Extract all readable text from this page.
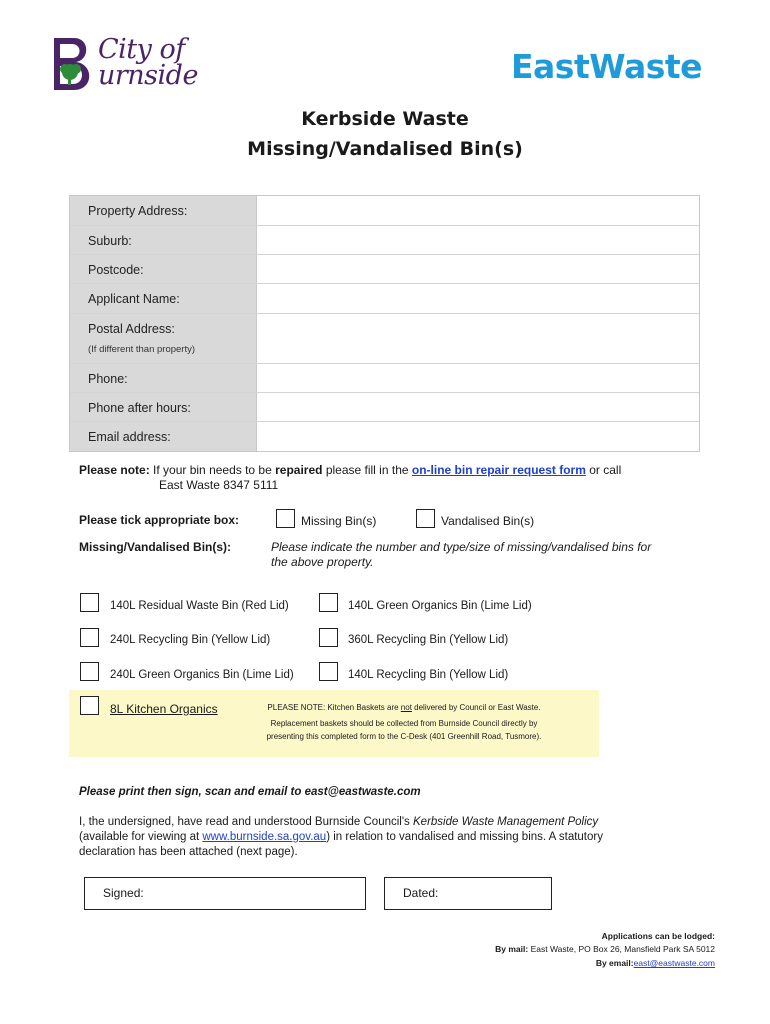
City of
urnside	EastWaste
Kerbside Waste
Missing/Vandalised Bin(s)
Property Address:
Suburb:
Postcode:
Applicant Name:
Postal Address:
(If different than property)
Phone:
Phone after hours:
Email address:
Please note: If your bin needs to be repaired please fill in the on-line bin repair request form or call
East Waste 8347 5111
Please tick appropriate box:	Missing Bin(s)	Vandalised Bin(s)
Missing/Vandalised Bin(s):	Please indicate the number and type/size of missing/vandalised bins for the above property.
140L Residual Waste Bin (Red Lid)	140L Green Organics Bin (Lime Lid)
240L Recycling Bin (Yellow Lid)	360L Recycling Bin (Yellow Lid)
240L Green Organics Bin (Lime Lid)	140L Recycling Bin (Yellow Lid)
8L Kitchen Organics	PLEASE NOTE: Kitchen Baskets are not delivered by Council or East Waste.
Replacement baskets should be collected from Burnside Council directly by
presenting this completed form to the C-Desk (401 Greenhill Road, Tusmore).
Please print then sign, scan and email to east@eastwaste.com
I, the undersigned, have read and understood Burnside Council's Kerbside Waste Management Policy
(available for viewing at www.burnside.sa.gov.au) in relation to vandalised and missing bins. A statutory declaration has been attached (next page).
Signed:	Dated:
Applications can be lodged:
By mail: East Waste, PO Box 26, Mansfield Park SA 5012
By email:east@eastwaste.com
